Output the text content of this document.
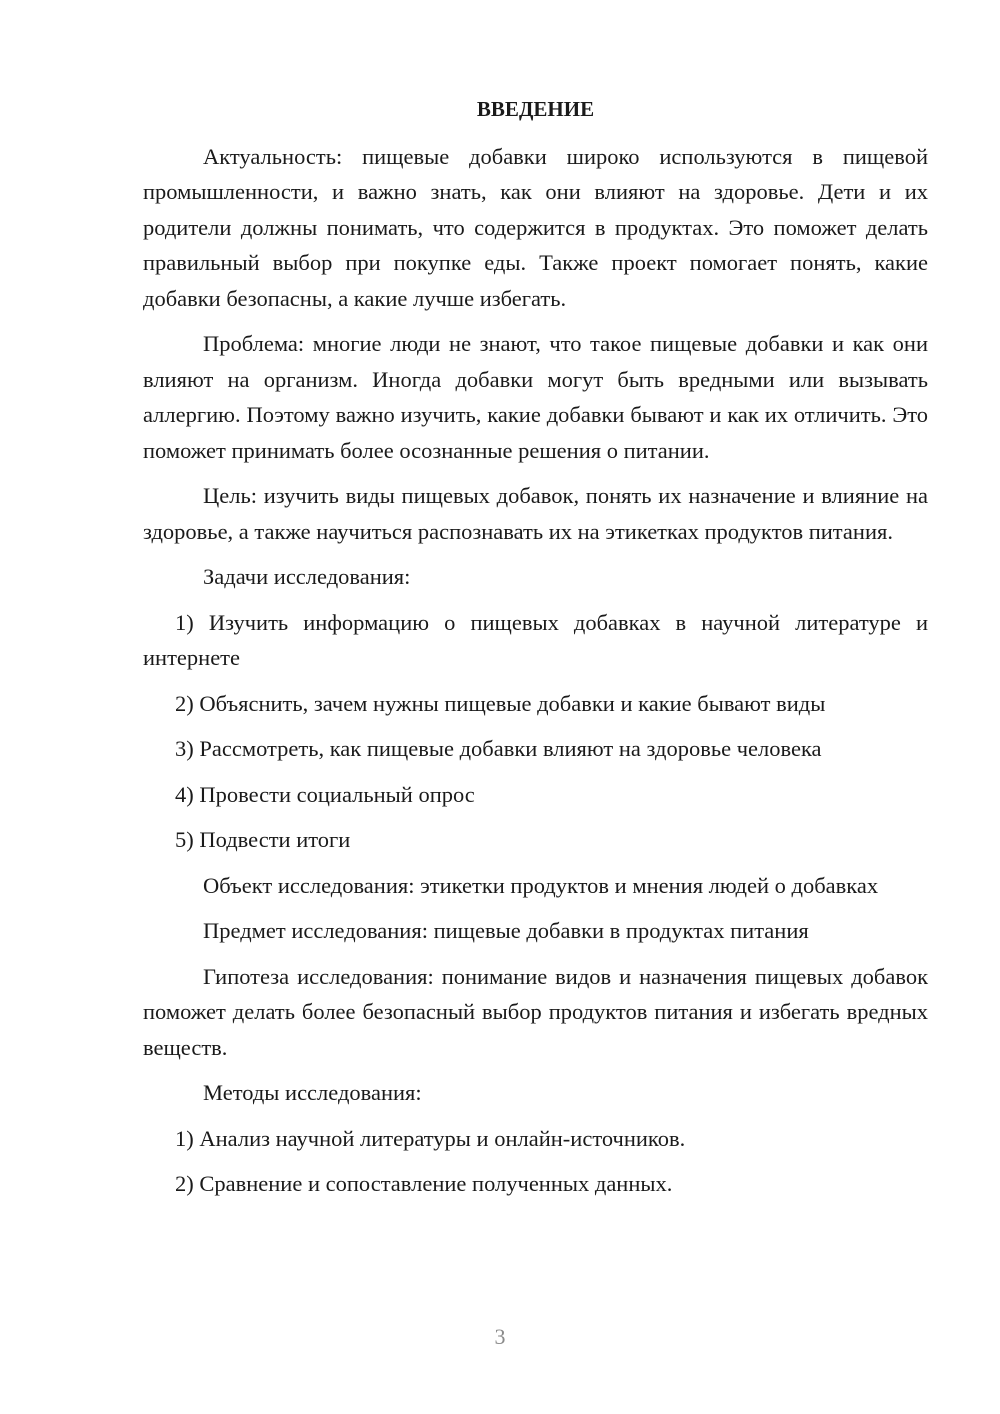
ВВЕДЕНИЕ

Актуальность: пищевые добавки широко используются в пищевой промышленности, и важно знать, как они влияют на здоровье. Дети и их родители должны понимать, что содержится в продуктах. Это поможет делать правильный выбор при покупке еды. Также проект помогает понять, какие добавки безопасны, а какие лучше избегать.

Проблема: многие люди не знают, что такое пищевые добавки и как они влияют на организм. Иногда добавки могут быть вредными или вызывать аллергию. Поэтому важно изучить, какие добавки бывают и как их отличить. Это поможет принимать более осознанные решения о питании.

Цель: изучить виды пищевых добавок, понять их назначение и влияние на здоровье, а также научиться распознавать их на этикетках продуктов питания.

Задачи исследования:

1) Изучить информацию о пищевых добавках в научной литературе и интернете

2) Объяснить, зачем нужны пищевые добавки и какие бывают виды

3) Рассмотреть, как пищевые добавки влияют на здоровье человека

4) Провести социальный опрос

5) Подвести итоги

Объект исследования: этикетки продуктов и мнения людей о добавках

Предмет исследования: пищевые добавки в продуктах питания

Гипотеза исследования: понимание видов и назначения пищевых добавок поможет делать более безопасный выбор продуктов питания и избегать вредных веществ.

Методы исследования:

1) Анализ научной литературы и онлайн-источников.

2) Сравнение и сопоставление полученных данных.

3
